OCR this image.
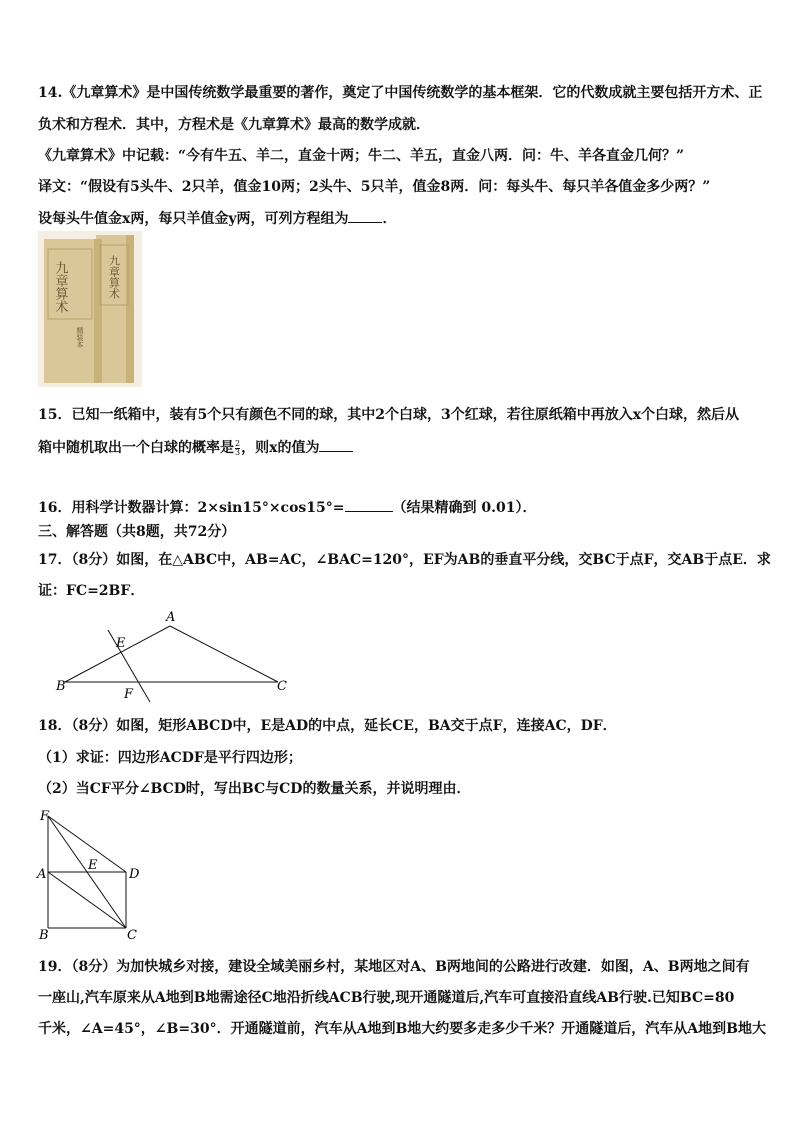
14.《九章算术》是中国传统数学最重要的著作，奠定了中国传统数学的基本框架．它的代数成就主要包括开方术、正
负术和方程术．其中，方程术是《九章算术》最高的数学成就．
《九章算术》中记载：“今有牛五、羊二，直金十两；牛二、羊五，直金八两．问：牛、羊各直金几何？”
译文：“假设有5头牛、2只羊，值金10两；2头牛、5只羊，值金8两．问：每头牛、每只羊各值金多少两？”
设每头牛值金x两，每只羊值金y两，可列方程组为 ．
九章算术	九章算术
精装本
15．已知一纸箱中，装有5个只有颜色不同的球，其中2个白球，3个红球，若往原纸箱中再放入x个白球，然后从
箱中随机取出一个白球的概率是 $\frac{2}{3}$ ，则x的值为
16．用科学计数器计算：2×sin15°×cos15°=	（结果精确到 0.01）．
三、解答题（共8题，共72分）
17．（8分）如图，在△ABC中，AB=AC，∠BAC=120°，EF为AB的垂直平分线，交BC于点F，交AB于点E．求
证：FC=2BF．
A
B	C
E
F
18．（8分）如图，矩形ABCD中，E是AD的中点，延长CE，BA交于点F，连接AC，DF．
（1）求证：四边形ACDF是平行四边形；
（2）当CF平分∠BCD时，写出BC与CD的数量关系，并说明理由．
F
A
E
D
B	C
19．（8分）为加快城乡对接，建设全域美丽乡村，某地区对A、B两地间的公路进行改建．如图，A、B两地之间有
一座山,汽车原来从A地到B地需途径C地沿折线ACB行驶,现开通隧道后,汽车可直接沿直线AB行驶.已知BC=80
千米，∠A=45°，∠B=30°．开通隧道前，汽车从A地到B地大约要多走多少千米？开通隧道后，汽车从A地到B地大
